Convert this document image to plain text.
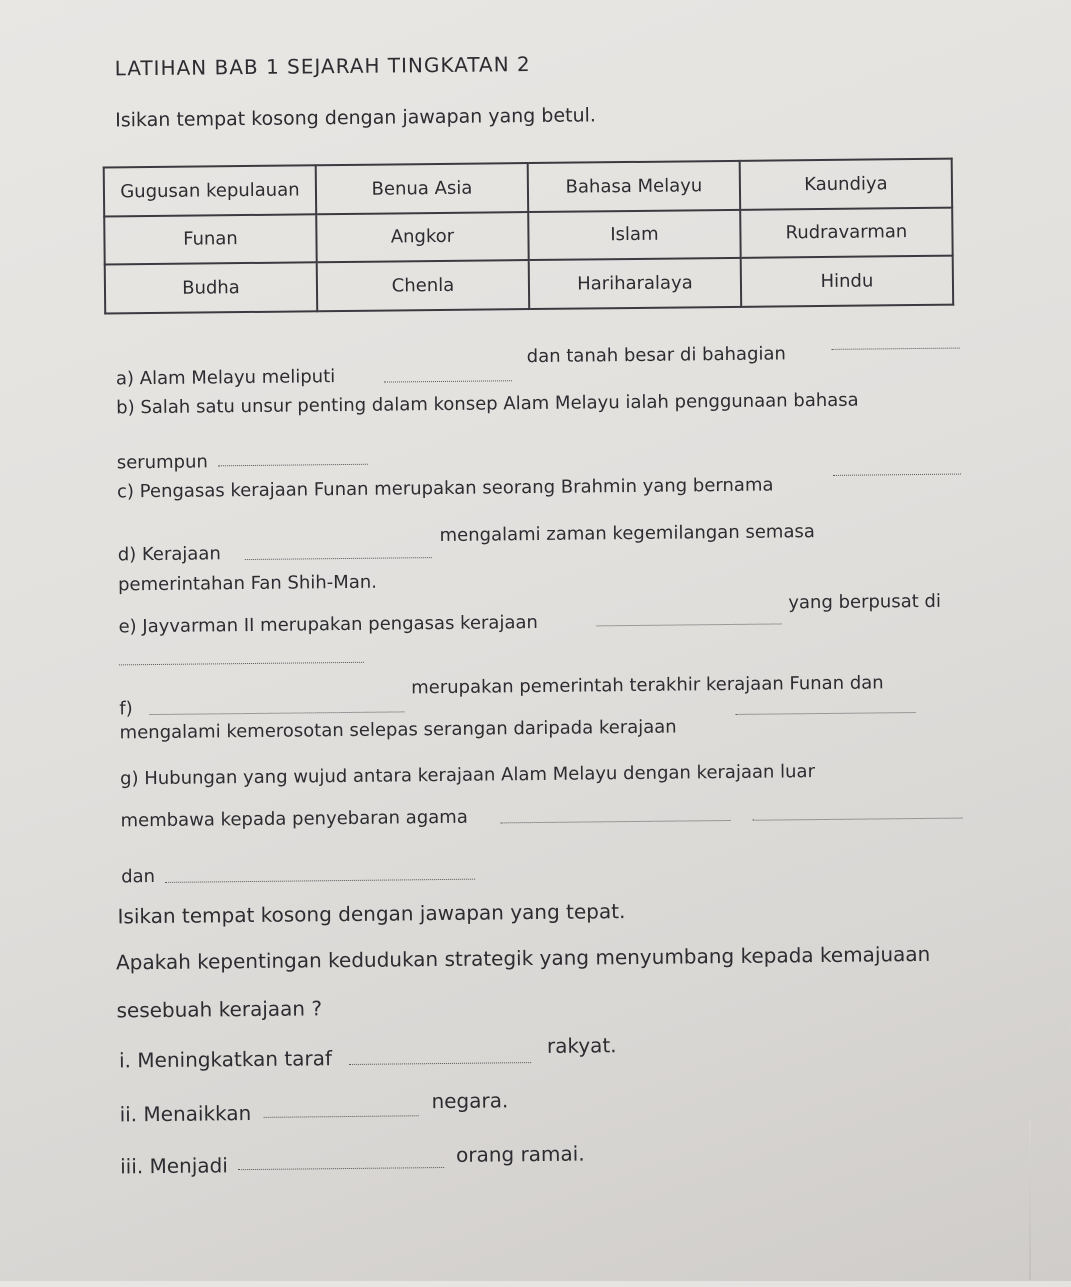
LATIHAN BAB 1 SEJARAH TINGKATAN 2
Isikan tempat kosong dengan jawapan yang betul.
Gugusan kepulauan	Benua Asia	Bahasa Melayu	Kaundiya
Funan	Angkor	Islam	Rudravarman
Budha	Chenla	Hariharalaya	Hindu
a) Alam Melayu meliputi
dan tanah besar di bahagian
b) Salah satu unsur penting dalam konsep Alam Melayu ialah penggunaan bahasa
serumpun
c) Pengasas kerajaan Funan merupakan seorang Brahmin yang bernama
d) Kerajaan
mengalami zaman kegemilangan semasa
pemerintahan Fan Shih-Man.
e) Jayvarman II merupakan pengasas kerajaan
yang berpusat di
f)
merupakan pemerintah terakhir kerajaan Funan dan
mengalami kemerosotan selepas serangan daripada kerajaan
g) Hubungan yang wujud antara kerajaan Alam Melayu dengan kerajaan luar
membawa kepada penyebaran agama
dan
Isikan tempat kosong dengan jawapan yang tepat.
Apakah kepentingan kedudukan strategik yang menyumbang kepada kemajuaan
sesebuah kerajaan ?
i. Meningkatkan taraf
rakyat.
ii. Menaikkan
negara.
iii. Menjadi	orang ramai.
